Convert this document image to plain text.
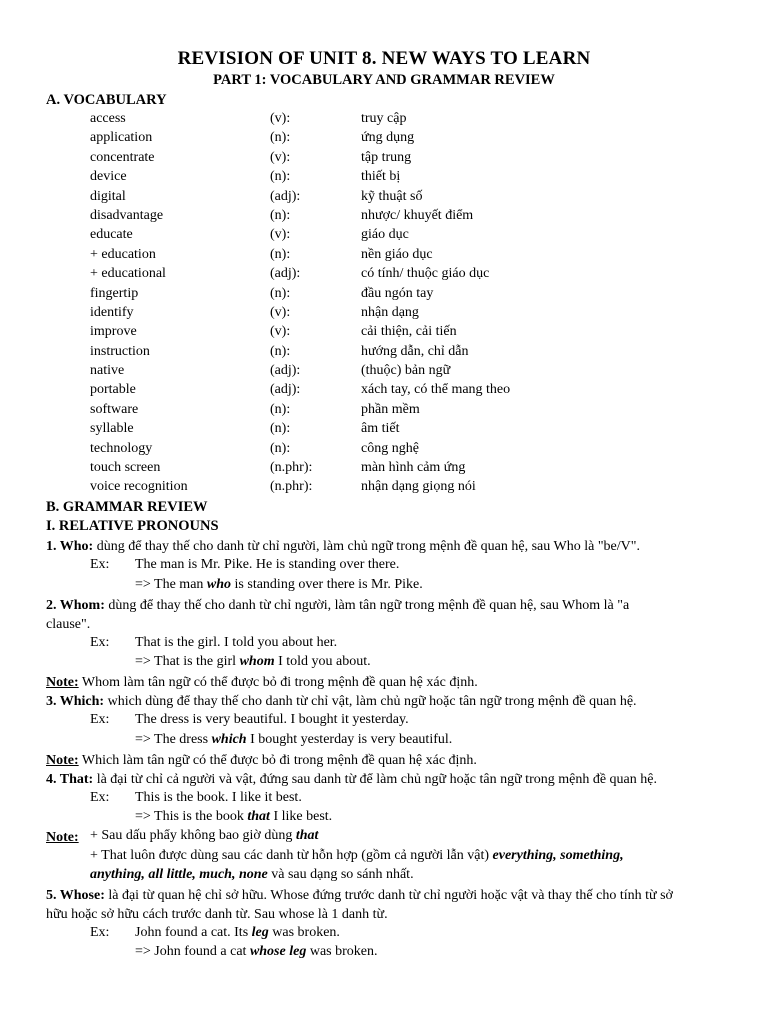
REVISION OF UNIT 8. NEW WAYS TO LEARN
PART 1: VOCABULARY AND GRAMMAR REVIEW
A. VOCABULARY
access	(v):	truy cập
application	(n):	ứng dụng
concentrate	(v):	tập trung
device	(n):	thiết bị
digital	(adj):	kỹ thuật số
disadvantage	(n):	nhược/ khuyết điểm
educate	(v):	giáo dục
+ education	(n):	nền giáo dục
+ educational	(adj):	có tính/ thuộc giáo dục
fingertip	(n):	đầu ngón tay
identify	(v):	nhận dạng
improve	(v):	cải thiện, cải tiến
instruction	(n):	hướng dẫn, chỉ dẫn
native	(adj):	(thuộc) bản ngữ
portable	(adj):	xách tay, có thể mang theo
software	(n):	phần mềm
syllable	(n):	âm tiết
technology	(n):	công nghệ
touch screen	(n.phr):	màn hình cảm ứng
voice recognition	(n.phr):	nhận dạng giọng nói
B. GRAMMAR REVIEW
I. RELATIVE PRONOUNS
1. Who: dùng để thay thế cho danh từ chỉ người, làm chủ ngữ trong mệnh đề quan hệ, sau Who là "be/V".
Ex: The man is Mr. Pike. He is standing over there.
=> The man who is standing over there is Mr. Pike.
2. Whom: dùng để thay thế cho danh từ chỉ người, làm tân ngữ trong mệnh đề quan hệ, sau Whom là "a
clause".
Ex: That is the girl. I told you about her.
=> That is the girl whom I told you about.
Note: Whom làm tân ngữ có thể được bỏ đi trong mệnh đề quan hệ xác định.
3. Which: which dùng để thay thế cho danh từ chỉ vật, làm chủ ngữ hoặc tân ngữ trong mệnh đề quan hệ.
Ex: The dress is very beautiful. I bought it yesterday.
=> The dress which I bought yesterday is very beautiful.
Note: Which làm tân ngữ có thể được bỏ đi trong mệnh đề quan hệ xác định.
4. That: là đại từ chỉ cả người và vật, đứng sau danh từ để làm chủ ngữ hoặc tân ngữ trong mệnh đề quan hệ.
Ex: This is the book. I like it best.
=> This is the book that I like best.
Note: + Sau dấu phẩy không bao giờ dùng that
+ That luôn được dùng sau các danh từ hỗn hợp (gồm cả người lẫn vật) everything, something,
anything, all little, much, none và sau dạng so sánh nhất.
5. Whose: là đại từ quan hệ chỉ sở hữu. Whose đứng trước danh từ chỉ người hoặc vật và thay thế cho tính từ sở
hữu hoặc sở hữu cách trước danh từ. Sau whose là 1 danh từ.
Ex: John found a cat. Its leg was broken.
=> John found a cat whose leg was broken.
